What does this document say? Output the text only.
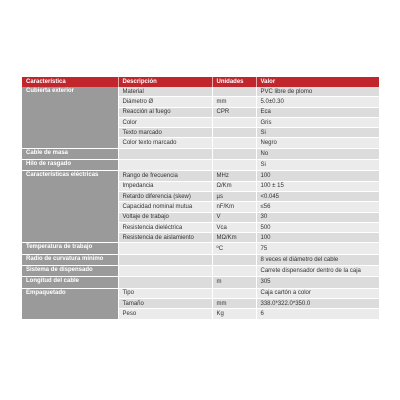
Característica	Descripción	Unidades	Valor
Cubierta exterior	Material		PVC libre de plomo
	Diámetro Ø	mm	5.0±0.30
	Reacción al fuego	CPR	Eca
	Color		Gris
	Texto marcado		Si
	Color texto marcado		Negro
Cable de masa			No
Hilo de rasgado			Si
Características eléctricas	Rango de frecuencia	MHz	100
	Impedancia	Ω/Km	100 ± 15
	Retardo diferencia (skew)	µs	<0.045
	Capacidad nominal mutua	nF/Km	≤56
	Voltaje de trabajo	V	30
	Resistencia dieléctrica	Vca	500
	Resistencia de aislamiento	MΩ/Km	100
Temperatura de trabajo		ºC	75
Radio de curvatura mínimo			8 veces el diámetro del cable
Sistema de dispensado			Carrete dispensador dentro de la caja
Longitud del cable		m	305
Empaquetado	Tipo		Caja cartón a color
	Tamaño	mm	338.0*322.0*350.0
	Peso	Kg	6
